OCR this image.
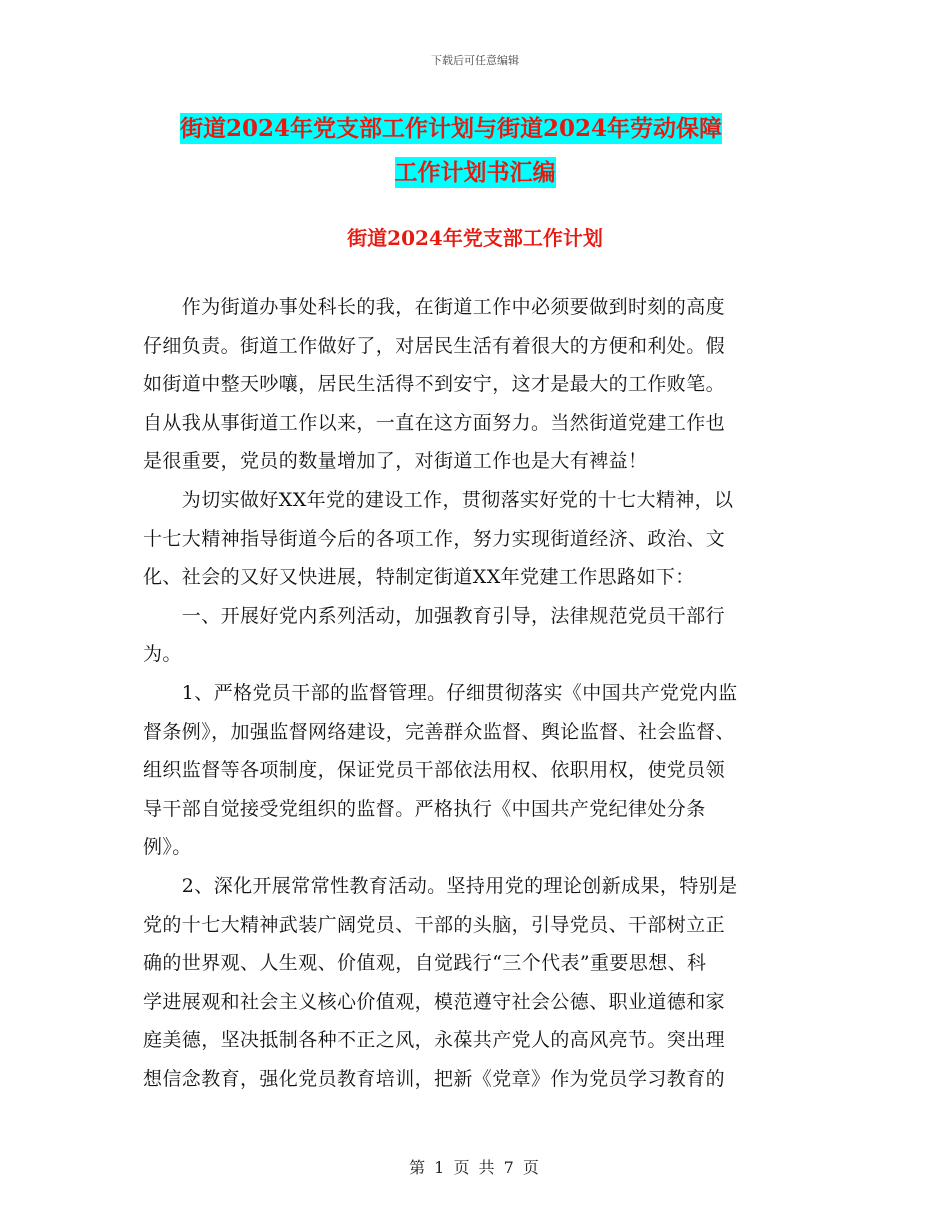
下载后可任意编辑
街道2024年党支部工作计划与街道2024年劳动保障
工作计划书汇编
街道2024年党支部工作计划
　　作为街道办事处科长的我，在街道工作中必须要做到时刻的高度
仔细负责。街道工作做好了，对居民生活有着很大的方便和利处。假
如街道中整天吵嚷，居民生活得不到安宁，这才是最大的工作败笔。
自从我从事街道工作以来，一直在这方面努力。当然街道党建工作也
是很重要，党员的数量增加了，对街道工作也是大有裨益！
　　为切实做好XX年党的建设工作，贯彻落实好党的十七大精神，以
十七大精神指导街道今后的各项工作，努力实现街道经济、政治、文
化、社会的又好又快进展，特制定街道XX年党建工作思路如下：
　　一、开展好党内系列活动，加强教育引导，法律规范党员干部行
为。
　　1、严格党员干部的监督管理。仔细贯彻落实《中国共产党党内监
督条例》，加强监督网络建设，完善群众监督、舆论监督、社会监督、
组织监督等各项制度，保证党员干部依法用权、依职用权，使党员领
导干部自觉接受党组织的监督。严格执行《中国共产党纪律处分条
例》。
　　2、深化开展常常性教育活动。坚持用党的理论创新成果，特别是
党的十七大精神武装广阔党员、干部的头脑，引导党员、干部树立正
确的世界观、人生观、价值观，自觉践行“三个代表”重要思想、科
学进展观和社会主义核心价值观，模范遵守社会公德、职业道德和家
庭美德，坚决抵制各种不正之风，永葆共产党人的高风亮节。突出理
想信念教育，强化党员教育培训，把新《党章》作为党员学习教育的
第 1 页 共 7 页
